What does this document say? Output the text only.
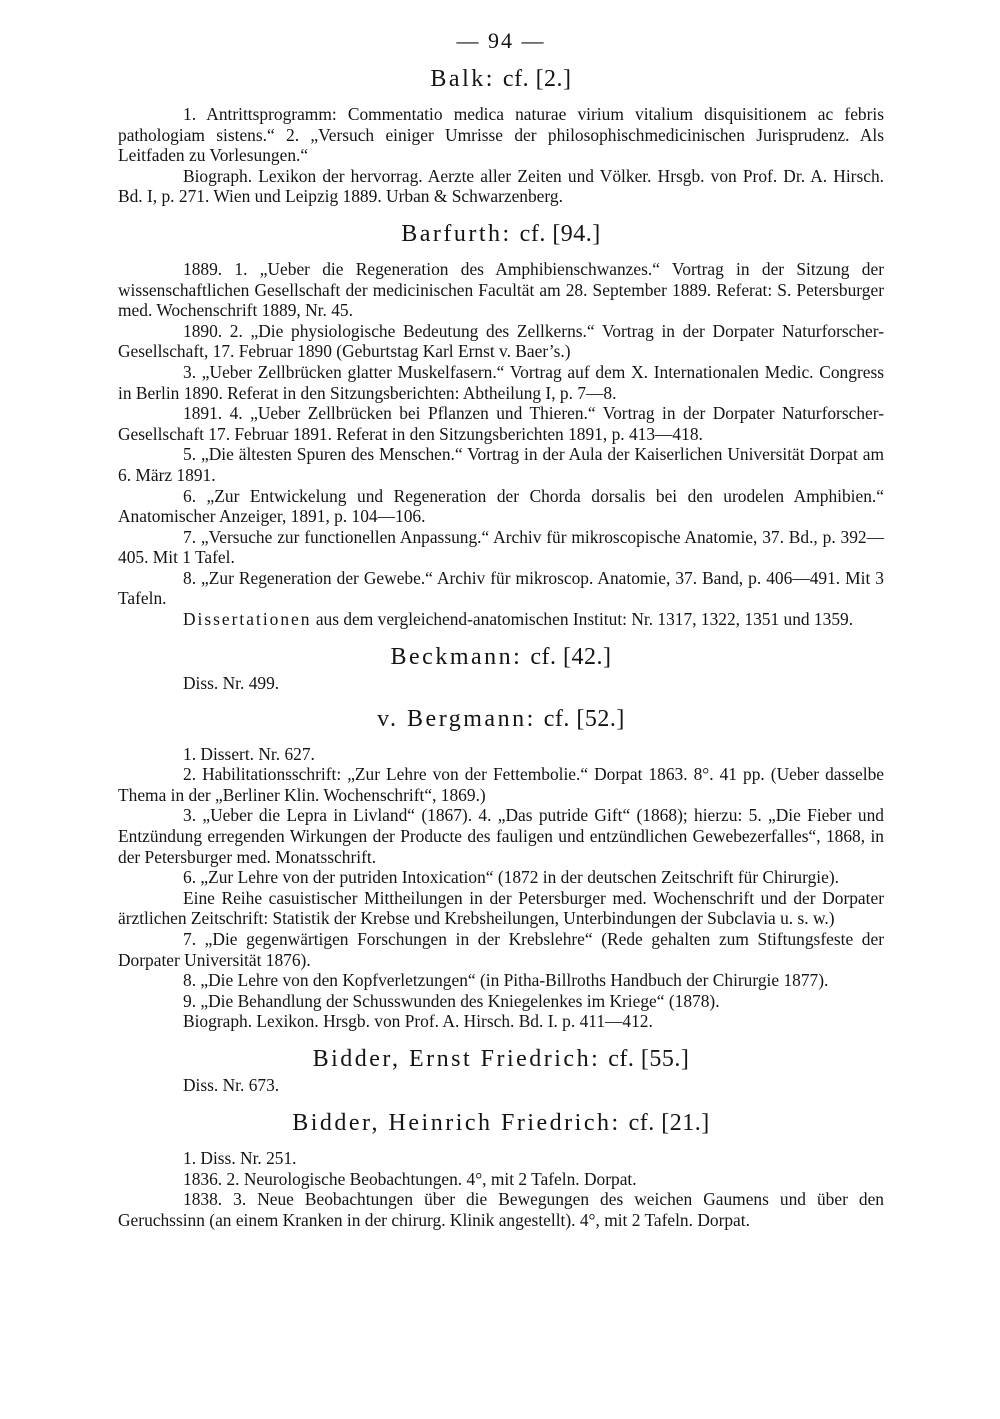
— 94 —
Balk: cf. [2.]

1. Antrittsprogramm: Commentatio medica naturae virium vitalium disquisitionem ac febris pathologiam sistens.“ 2. „Versuch einiger Umrisse der philosophischmedicinischen Jurisprudenz. Als Leitfaden zu Vorlesungen.“

Biograph. Lexikon der hervorrag. Aerzte aller Zeiten und Völker. Hrsgb. von Prof. Dr. A. Hirsch. Bd. I, p. 271. Wien und Leipzig 1889. Urban & Schwarzenberg.

Barfurth: cf. [94.]

1889. 1. „Ueber die Regeneration des Amphibienschwanzes.“ Vortrag in der Sitzung der wissenschaftlichen Gesellschaft der medicinischen Facultät am 28. September 1889. Referat: S. Petersburger med. Wochenschrift 1889, Nr. 45.

1890. 2. „Die physiologische Bedeutung des Zellkerns.“ Vortrag in der Dorpater Naturforscher-Gesellschaft, 17. Februar 1890 (Geburtstag Karl Ernst v. Baer’s.)

3. „Ueber Zellbrücken glatter Muskelfasern.“ Vortrag auf dem X. Internationalen Medic. Congress in Berlin 1890. Referat in den Sitzungsberichten: Abtheilung I, p. 7—8.

1891. 4. „Ueber Zellbrücken bei Pflanzen und Thieren.“ Vortrag in der Dorpater Naturforscher-Gesellschaft 17. Februar 1891. Referat in den Sitzungsberichten 1891, p. 413—418.

5. „Die ältesten Spuren des Menschen.“ Vortrag in der Aula der Kaiserlichen Universität Dorpat am 6. März 1891.

6. „Zur Entwickelung und Regeneration der Chorda dorsalis bei den urodelen Amphibien.“ Anatomischer Anzeiger, 1891, p. 104—106.

7. „Versuche zur functionellen Anpassung.“ Archiv für mikroscopische Anatomie, 37. Bd., p. 392—405. Mit 1 Tafel.

8. „Zur Regeneration der Gewebe.“ Archiv für mikroscop. Anatomie, 37. Band, p. 406—491. Mit 3 Tafeln.

Dissertationen aus dem vergleichend-anatomischen Institut: Nr. 1317, 1322, 1351 und 1359.

Beckmann: cf. [42.]
Diss. Nr. 499.
v. Bergmann: cf. [52.]

1. Dissert. Nr. 627.

2. Habilitationsschrift: „Zur Lehre von der Fettembolie.“ Dorpat 1863. 8°. 41 pp. (Ueber dasselbe Thema in der „Berliner Klin. Wochenschrift“, 1869.)

3. „Ueber die Lepra in Livland“ (1867). 4. „Das putride Gift“ (1868); hierzu: 5. „Die Fieber und Entzündung erregenden Wirkungen der Producte des fauligen und entzündlichen Gewebezerfalles“, 1868, in der Petersburger med. Monatsschrift.

6. „Zur Lehre von der putriden Intoxication“ (1872 in der deutschen Zeitschrift für Chirurgie).

Eine Reihe casuistischer Mittheilungen in der Petersburger med. Wochenschrift und der Dorpater ärztlichen Zeitschrift: Statistik der Krebse und Krebsheilungen, Unterbindungen der Subclavia u. s. w.)

7. „Die gegenwärtigen Forschungen in der Krebslehre“ (Rede gehalten zum Stiftungsfeste der Dorpater Universität 1876).

8. „Die Lehre von den Kopfverletzungen“ (in Pitha-Billroths Handbuch der Chirurgie 1877).

9. „Die Behandlung der Schusswunden des Kniegelenkes im Kriege“ (1878).

Biograph. Lexikon. Hrsgb. von Prof. A. Hirsch. Bd. I. p. 411—412.

Bidder, Ernst Friedrich: cf. [55.]
Diss. Nr. 673.
Bidder, Heinrich Friedrich: cf. [21.]

1. Diss. Nr. 251.

1836. 2. Neurologische Beobachtungen. 4°, mit 2 Tafeln. Dorpat.

1838. 3. Neue Beobachtungen über die Bewegungen des weichen Gaumens und über den Geruchssinn (an einem Kranken in der chirurg. Klinik angestellt). 4°, mit 2 Tafeln. Dorpat.
